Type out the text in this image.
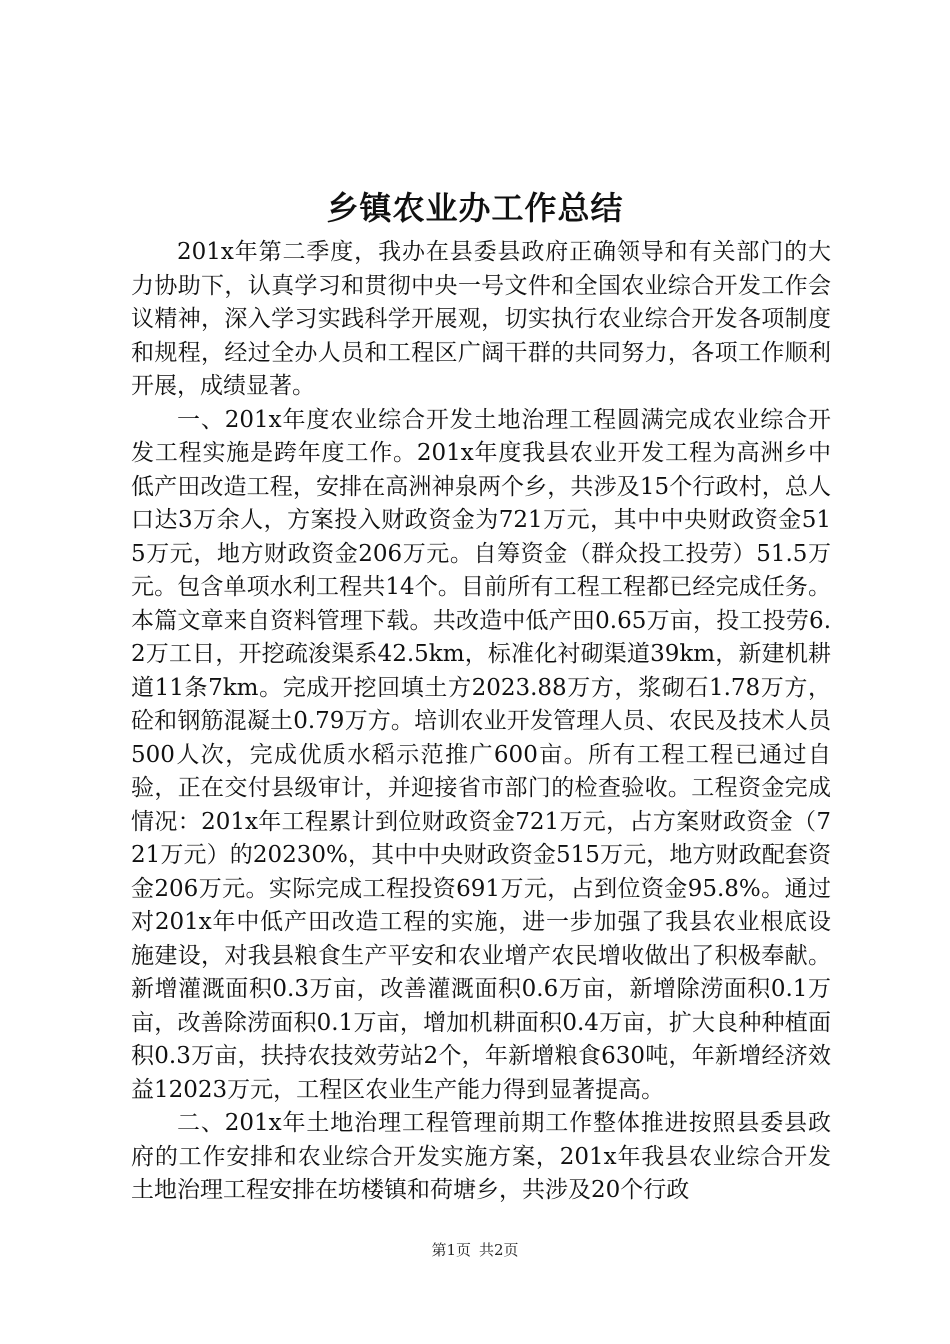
乡镇农业办工作总结

201x年第二季度，我办在县委县政府正确领导和有关部门的大力协助下，认真学习和贯彻中央一号文件和全国农业综合开发工作会议精神，深入学习实践科学开展观，切实执行农业综合开发各项制度和规程，经过全办人员和工程区广阔干群的共同努力，各项工作顺利开展，成绩显著。

一、201x年度农业综合开发土地治理工程圆满完成农业综合开发工程实施是跨年度工作。201x年度我县农业开发工程为高洲乡中低产田改造工程，安排在高洲神泉两个乡，共涉及15个行政村，总人口达3万余人，方案投入财政资金为721万元，其中中央财政资金515万元，地方财政资金206万元。自筹资金（群众投工投劳）51.5万元。包含单项水利工程共14个。目前所有工程工程都已经完成任务。本篇文章来自资料管理下载。共改造中低产田0.65万亩，投工投劳6.2万工日，开挖疏浚渠系42.5km，标准化衬砌渠道39km，新建机耕道11条7km。完成开挖回填土方2023.88万方，浆砌石1.78万方，砼和钢筋混凝土0.79万方。培训农业开发管理人员、农民及技术人员500人次，完成优质水稻示范推广600亩。所有工程工程已通过自验，正在交付县级审计，并迎接省市部门的检查验收。工程资金完成情况：201x年工程累计到位财政资金721万元，占方案财政资金（721万元）的20230%，其中中央财政资金515万元，地方财政配套资金206万元。实际完成工程投资691万元，占到位资金95.8%。通过对201x年中低产田改造工程的实施，进一步加强了我县农业根底设施建设，对我县粮食生产平安和农业增产农民增收做出了积极奉献。新增灌溉面积0.3万亩，改善灌溉面积0.6万亩，新增除涝面积0.1万亩，改善除涝面积0.1万亩，增加机耕面积0.4万亩，扩大良种种植面积0.3万亩，扶持农技效劳站2个，年新增粮食630吨，年新增经济效益12023万元，工程区农业生产能力得到显著提高。

二、201x年土地治理工程管理前期工作整体推进按照县委县政府的工作安排和农业综合开发实施方案，201x年我县农业综合开发土地治理工程安排在坊楼镇和荷塘乡，共涉及20个行政

第1页 共2页
